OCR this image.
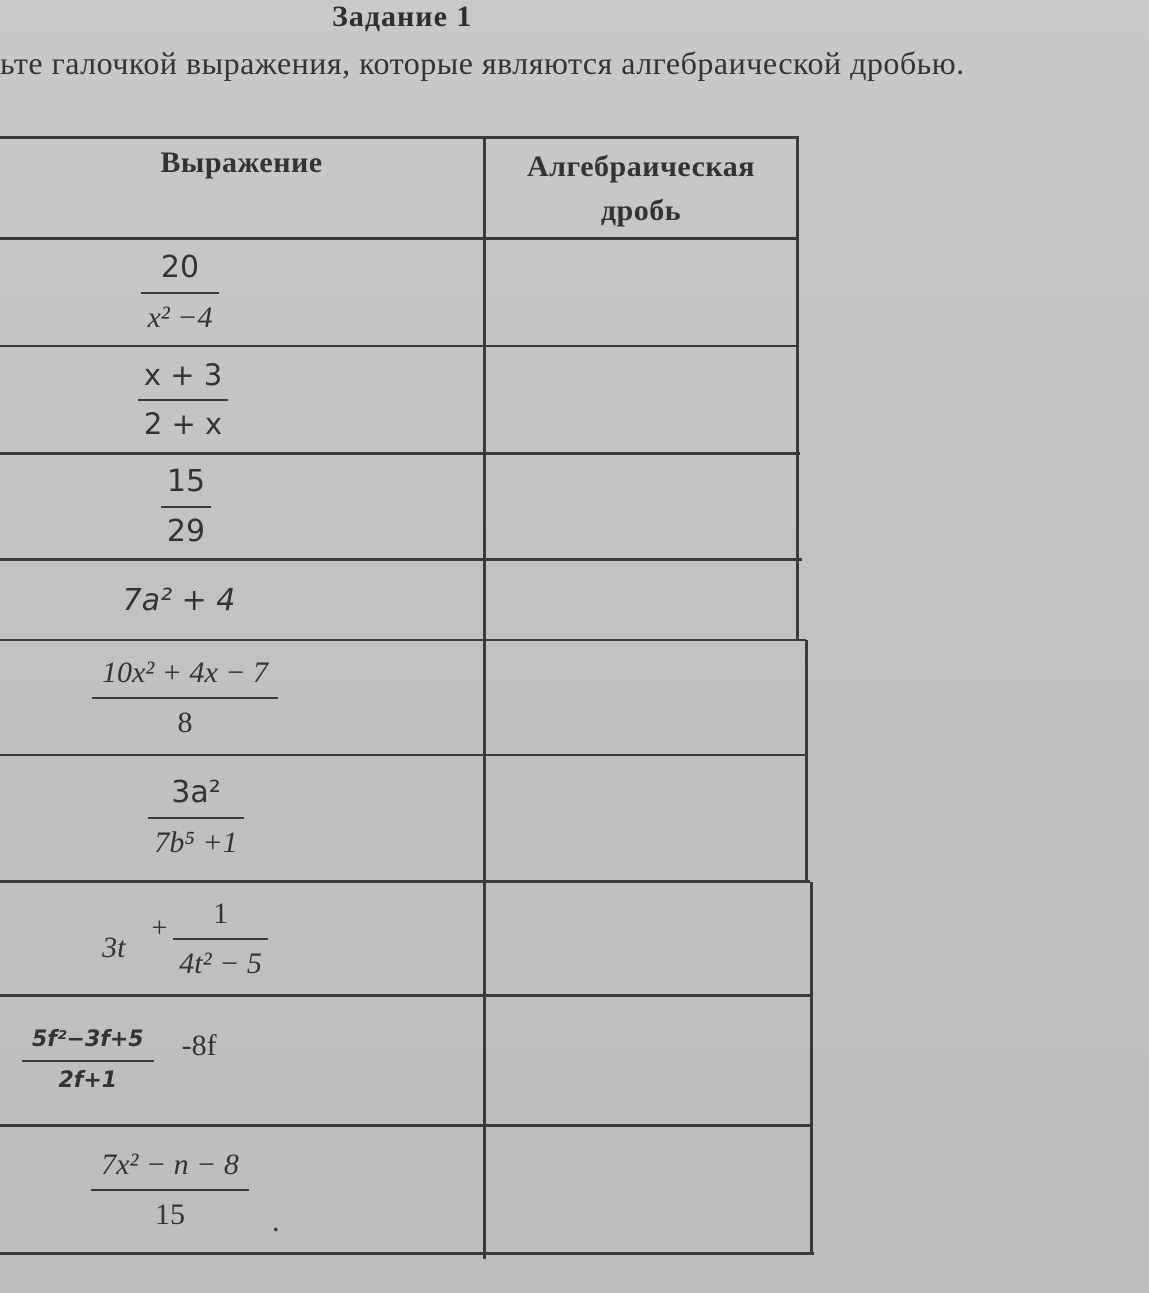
Задание 1
ьте галочкой выражения, которые являются алгебраической дробью.
Выражение	Алгебраическая
дробь
$\frac{20}{\text{x² −4}}$
$\frac{x + 3}{2 + x}$
$\frac{15}{29}$
7a² + 4
$\frac{\text{10x² + 4x − 7}}{8}$
$\frac{\text{3a²}}{\text{7b⁵ +1}}$
3t
+ $\frac{1}{\text{4t² − 5}}$
$\frac{\text{5f²−3f+5}}{2f+1} -8f$
$\frac{\text{7x² − n − 8}}{15}$ .
